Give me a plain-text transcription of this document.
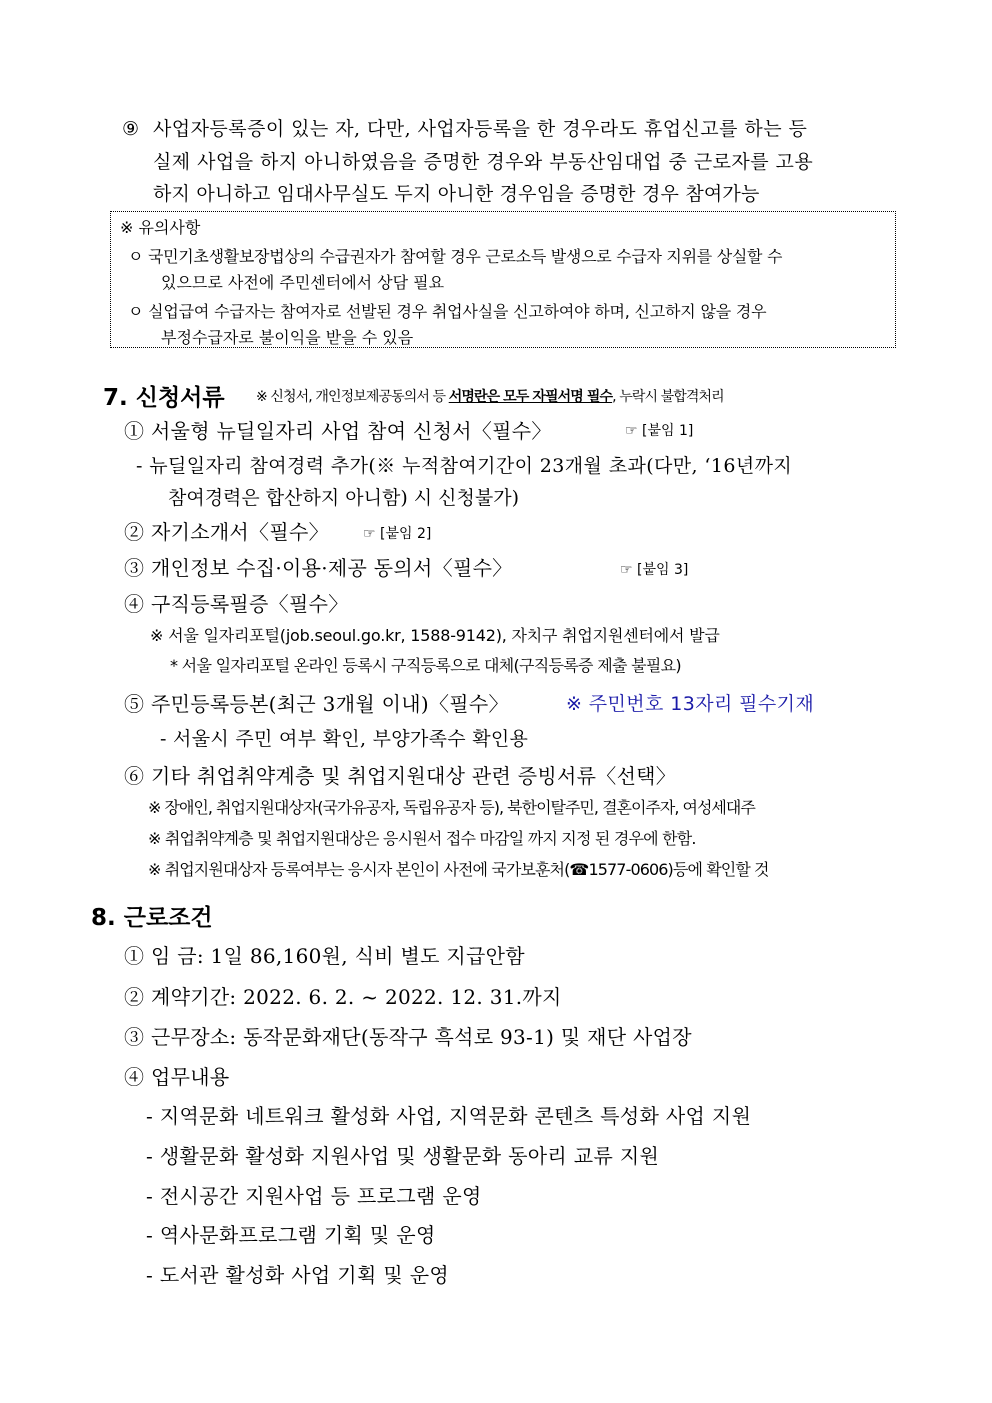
⑨ 사업자등록증이 있는 자, 다만, 사업자등록을 한 경우라도 휴업신고를 하는 등
실제 사업을 하지 아니하였음을 증명한 경우와 부동산임대업 중 근로자를 고용
하지 아니하고 임대사무실도 두지 아니한 경우임을 증명한 경우 참여가능
※ 유의사항
ㅇ 국민기초생활보장법상의 수급권자가 참여할 경우 근로소득 발생으로 수급자 지위를 상실할 수
있으므로 사전에 주민센터에서 상담 필요
ㅇ 실업급여 수급자는 참여자로 선발된 경우 취업사실을 신고하여야 하며, 신고하지 않을 경우
부정수급자로 불이익을 받을 수 있음
7. 신청서류 ※ 신청서, 개인정보제공동의서 등 서명란은 모두 자필서명 필수, 누락시 불합격처리
① 서울형 뉴딜일자리 사업 참여 신청서〈필수〉	☞ [붙임 1]
- 뉴딜일자리 참여경력 추가(※ 누적참여기간이 23개월 초과(다만, ‘16년까지
참여경력은 합산하지 아니함) 시 신청불가)
② 자기소개서〈필수〉 ☞ [붙임 2]
③ 개인정보 수집·이용·제공 동의서〈필수〉	☞ [붙임 3]
④ 구직등록필증〈필수〉
※ 서울 일자리포털(job.seoul.go.kr, 1588-9142), 자치구 취업지원센터에서 발급
* 서울 일자리포털 온라인 등록시 구직등록으로 대체(구직등록증 제출 불필요)
⑤ 주민등록등본(최근 3개월 이내)〈필수〉	※ 주민번호 13자리 필수기재
- 서울시 주민 여부 확인, 부양가족수 확인용
⑥ 기타 취업취약계층 및 취업지원대상 관련 증빙서류〈선택〉
※ 장애인, 취업지원대상자(국가유공자, 독립유공자 등), 북한이탈주민, 결혼이주자, 여성세대주
※ 취업취약계층 및 취업지원대상은 응시원서 접수 마감일 까지 지정 된 경우에 한함.
※ 취업지원대상자 등록여부는 응시자 본인이 사전에 국가보훈처(☎1577-0606)등에 확인할 것
8. 근로조건
① 임 금: 1일 86,160원, 식비 별도 지급안함
② 계약기간: 2022. 6. 2. ~ 2022. 12. 31.까지
③ 근무장소: 동작문화재단(동작구 흑석로 93-1) 및 재단 사업장
④ 업무내용
- 지역문화 네트워크 활성화 사업, 지역문화 콘텐츠 특성화 사업 지원
- 생활문화 활성화 지원사업 및 생활문화 동아리 교류 지원
- 전시공간 지원사업 등 프로그램 운영
- 역사문화프로그램 기획 및 운영
- 도서관 활성화 사업 기획 및 운영
